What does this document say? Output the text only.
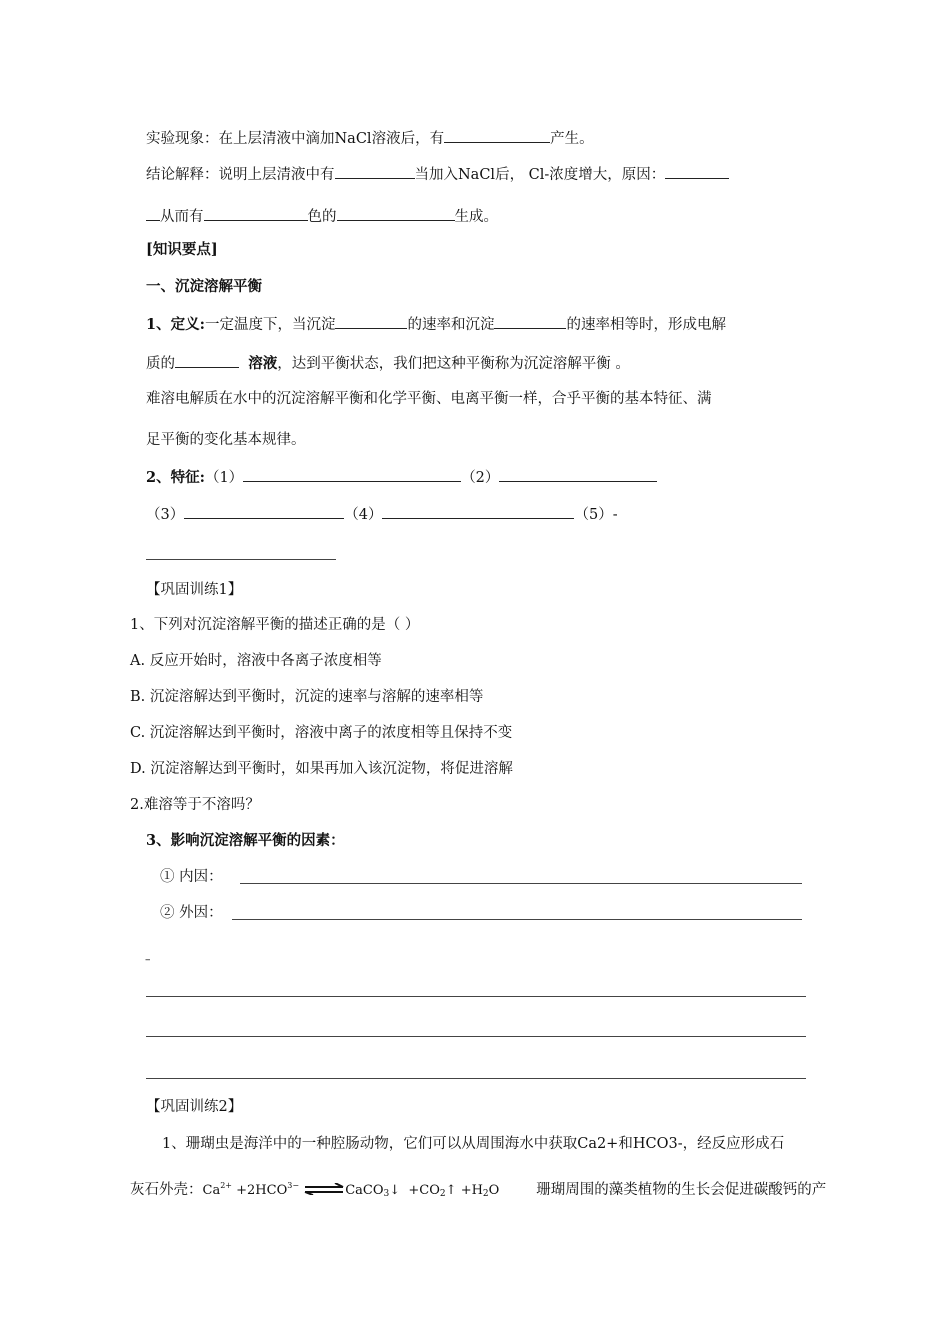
实验现象：在上层清液中滴加NaCl溶液后，有	产生。
结论解释：说明上层清液中有	当加入NaCl后， Cl-浓度增大，原因：
从而有	色的	生成。
[知识要点]
一、沉淀溶解平衡
1、定义:一定温度下，当沉淀	的速率和沉淀	的速率相等时，形成电解
质的	溶液，达到平衡状态，我们把这种平衡称为沉淀溶解平衡 。
难溶电解质在水中的沉淀溶解平衡和化学平衡、电离平衡一样，合乎平衡的基本特征、满
足平衡的变化基本规律。
2、特征:（1）	（2）
（3）	（4）	（5）-
【巩固训练1】
1、下列对沉淀溶解平衡的描述正确的是（ ）
A. 反应开始时，溶液中各离子浓度相等
B. 沉淀溶解达到平衡时，沉淀的速率与溶解的速率相等
C. 沉淀溶解达到平衡时，溶液中离子的浓度相等且保持不变
D. 沉淀溶解达到平衡时，如果再加入该沉淀物，将促进溶解
2.难溶等于不溶吗？
3、影响沉淀溶解平衡的因素：
① 内因：
② 外因：
–
【巩固训练2】
1、珊瑚虫是海洋中的一种腔肠动物，它们可以从周围海水中获取Ca2+和HCO3-，经反应形成石
灰石外壳：$Ca^{2+} +2HCO^{3-}$ ⇌CaCO$_3$↓ $+CO_2↑ +H_2O$	珊瑚周围的藻类植物的生长会促进碳酸钙的产
